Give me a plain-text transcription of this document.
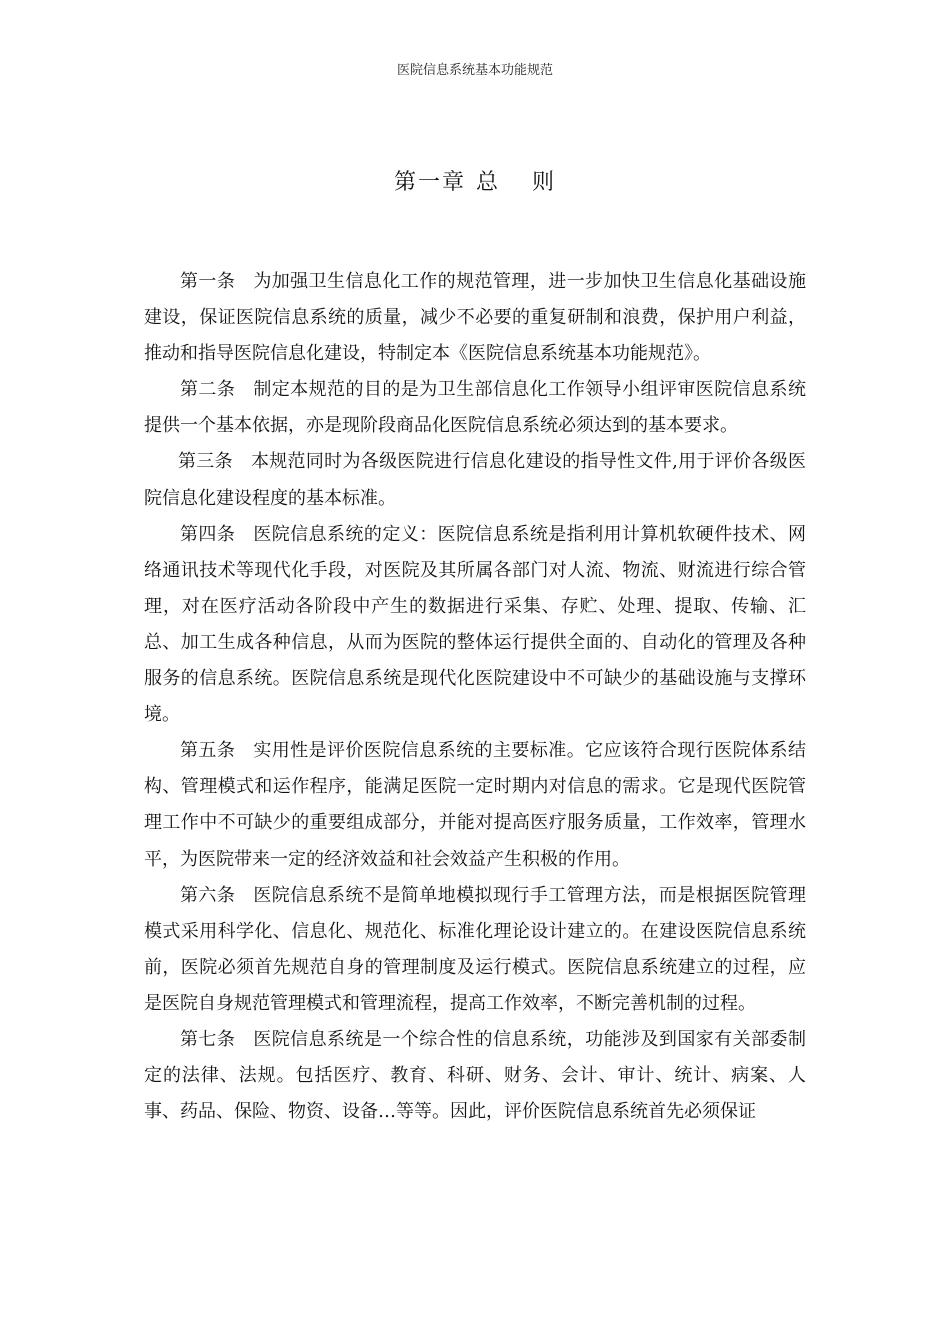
医院信息系统基本功能规范
第一章 总 则

第一条 为加强卫生信息化工作的规范管理，进一步加快卫生信息化基础设施建设，保证医院信息系统的质量，减少不必要的重复研制和浪费，保护用户利益，推动和指导医院信息化建设，特制定本《医院信息系统基本功能规范》。

第二条 制定本规范的目的是为卫生部信息化工作领导小组评审医院信息系统提供一个基本依据，亦是现阶段商品化医院信息系统必须达到的基本要求。

第三条 本规范同时为各级医院进行信息化建设的指导性文件,用于评价各级医院信息化建设程度的基本标准。

第四条 医院信息系统的定义：医院信息系统是指利用计算机软硬件技术、网络通讯技术等现代化手段，对医院及其所属各部门对人流、物流、财流进行综合管理，对在医疗活动各阶段中产生的数据进行采集、存贮、处理、提取、传输、汇总、加工生成各种信息，从而为医院的整体运行提供全面的、自动化的管理及各种服务的信息系统。医院信息系统是现代化医院建设中不可缺少的基础设施与支撑环境。

第五条 实用性是评价医院信息系统的主要标准。它应该符合现行医院体系结构、管理模式和运作程序，能满足医院一定时期内对信息的需求。它是现代医院管理工作中不可缺少的重要组成部分，并能对提高医疗服务质量，工作效率，管理水平，为医院带来一定的经济效益和社会效益产生积极的作用。

第六条 医院信息系统不是简单地模拟现行手工管理方法，而是根据医院管理模式采用科学化、信息化、规范化、标准化理论设计建立的。在建设医院信息系统前，医院必须首先规范自身的管理制度及运行模式。医院信息系统建立的过程，应是医院自身规范管理模式和管理流程，提高工作效率，不断完善机制的过程。

第七条 医院信息系统是一个综合性的信息系统，功能涉及到国家有关部委制定的法律、法规。包括医疗、教育、科研、财务、会计、审计、统计、病案、人事、药品、保险、物资、设备…等等。因此，评价医院信息系统首先必须保证
